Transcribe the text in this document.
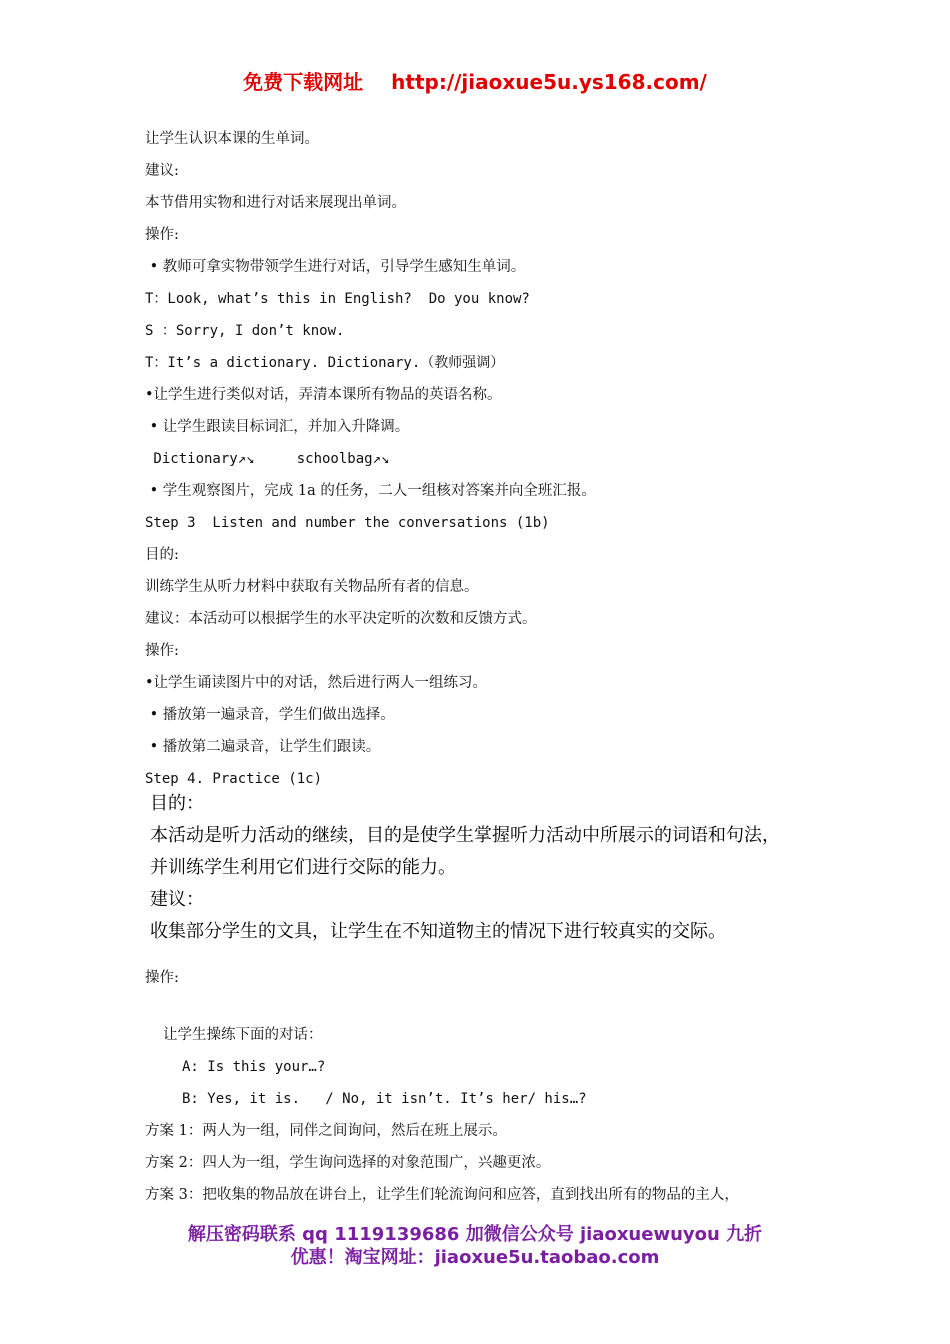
免费下载网址 http://jiaoxue5u.ys168.com/
让学生认识本课的生单词。
建议:
本节借用实物和进行对话来展现出单词。
操作:
• 教师可拿实物带领学生进行对话，引导学生感知生单词。
T：Look, what’s this in English?  Do you know?
S ：Sorry, I don’t know.
T：It’s a dictionary. Dictionary.（教师强调）
•让学生进行类似对话，弄清本课所有物品的英语名称。
• 让学生跟读目标词汇，并加入升降调。
Dictionary↗↘     schoolbag↗↘
• 学生观察图片，完成 1a 的任务，二人一组核对答案并向全班汇报。
Step 3  Listen and number the conversations (1b)
目的:
训练学生从听力材料中获取有关物品所有者的信息。
建议：本活动可以根据学生的水平决定听的次数和反馈方式。
操作:
•让学生诵读图片中的对话，然后进行两人一组练习。
• 播放第一遍录音，学生们做出选择。
• 播放第二遍录音，让学生们跟读。
Step 4. Practice (1c)
目的：
本活动是听力活动的继续，目的是使学生掌握听力活动中所展示的词语和句法，
并训练学生利用它们进行交际的能力。
建议：
收集部分学生的文具，让学生在不知道物主的情况下进行较真实的交际。
操作:
让学生操练下面的对话：
A: Is this your…?
B: Yes, it is.   / No, it isn’t. It’s her/ his…?
方案 1：两人为一组，同伴之间询问，然后在班上展示。
方案 2：四人为一组，学生询问选择的对象范围广，兴趣更浓。
方案 3：把收集的物品放在讲台上，让学生们轮流询问和应答，直到找出所有的物品的主人，
解压密码联系 qq 1119139686 加微信公众号 jiaoxuewuyou 九折
优惠！淘宝网址：jiaoxue5u.taobao.com
